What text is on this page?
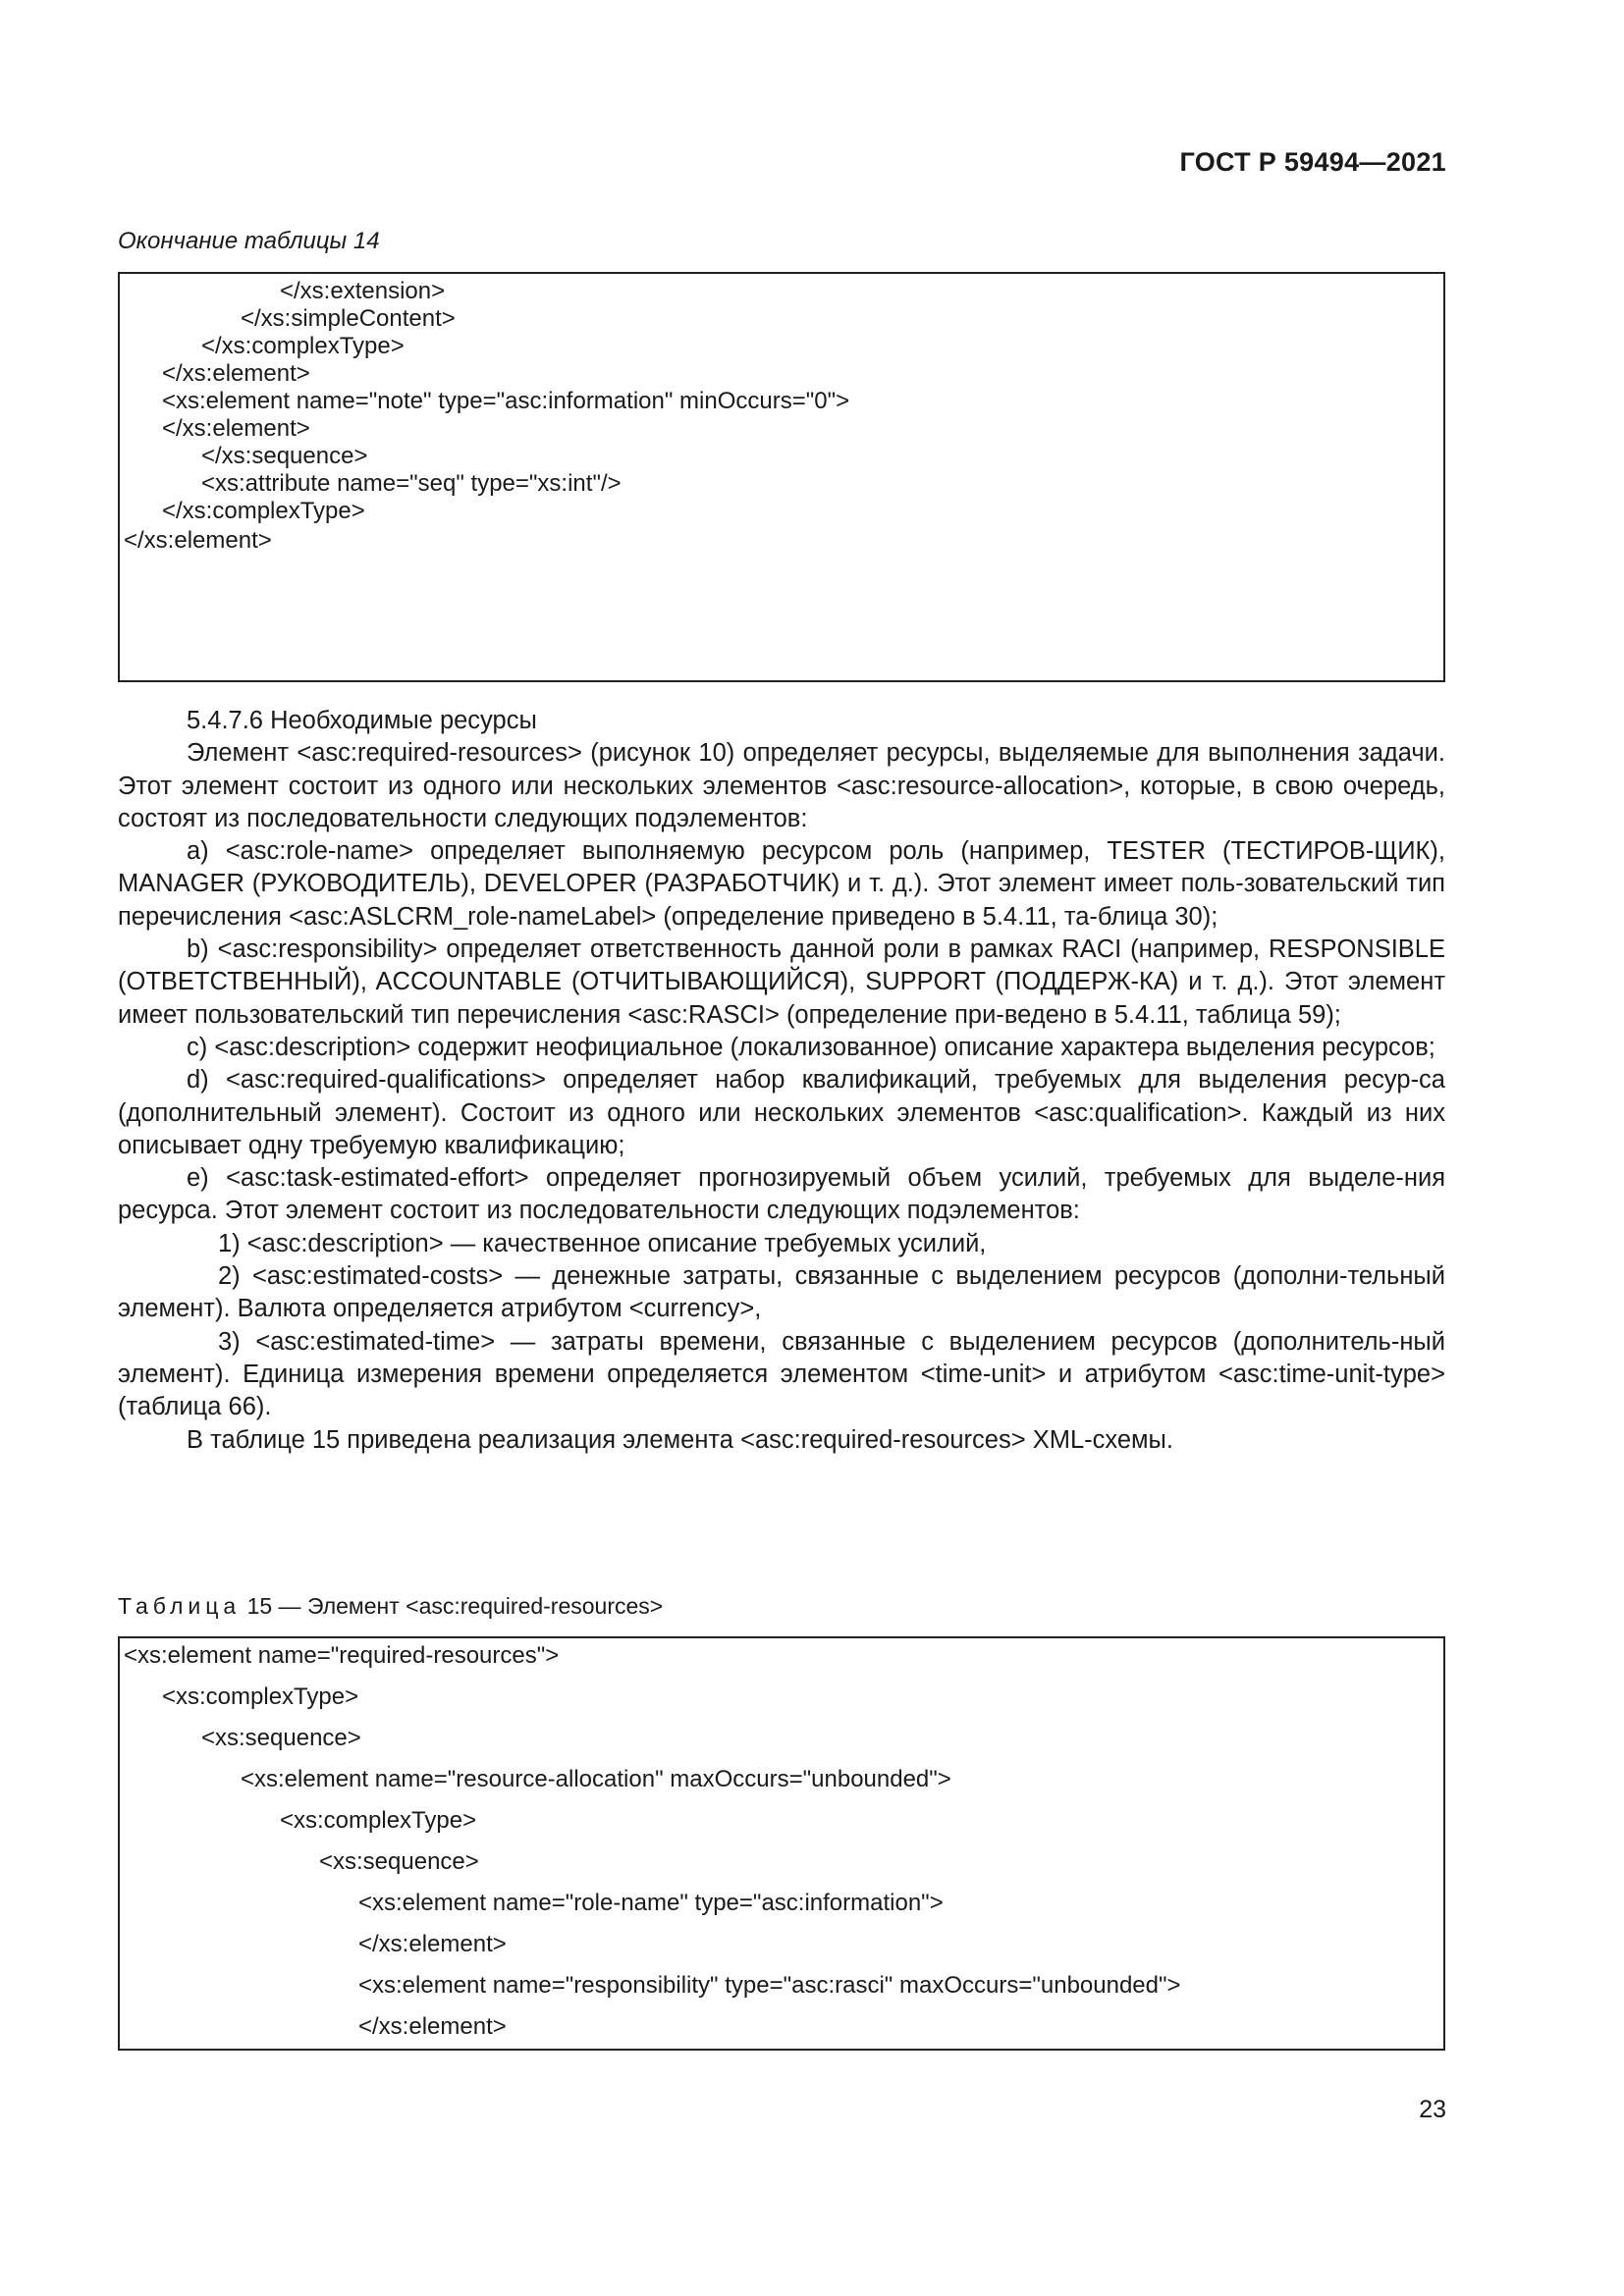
ГОСТ Р 59494—2021
Окончание таблицы 14
</xs:extension>
</xs:simpleContent>
</xs:complexType>
</xs:element>
<xs:element name="note" type="asc:information" minOccurs="0">
</xs:element>
</xs:sequence>
<xs:attribute name="seq" type="xs:int"/>
</xs:complexType>
</xs:element>

5.4.7.6 Необходимые ресурсы

Элемент <asc:required-resources> (рисунок 10) определяет ресурсы, выделяемые для выполнения задачи. Этот элемент состоит из одного или нескольких элементов <asc:resource-allocation>, которые, в свою очередь, состоят из последовательности следующих подэлементов:

a) <asc:role-name> определяет выполняемую ресурсом роль (например, TESTER (ТЕСТИРОВ-ЩИК), MANAGER (РУКОВОДИТЕЛЬ), DEVELOPER (РАЗРАБОТЧИК) и т. д.). Этот элемент имеет поль-зовательский тип перечисления <asc:ASLCRM_role-nameLabel> (определение приведено в 5.4.11, та-блица 30);

b) <asc:responsibility> определяет ответственность данной роли в рамках RACI (например, RESPONSIBLE (ОТВЕТСТВЕННЫЙ), ACCOUNTABLE (ОТЧИТЫВАЮЩИЙСЯ), SUPPORT (ПОДДЕРЖ-КА) и т. д.). Этот элемент имеет пользовательский тип перечисления <asc:RASCI> (определение при-ведено в 5.4.11, таблица 59);

c) <asc:description> содержит неофициальное (локализованное) описание характера выделения ресурсов;

d) <asc:required-qualifications> определяет набор квалификаций, требуемых для выделения ресур-са (дополнительный элемент). Состоит из одного или нескольких элементов <asc:qualification>. Каждый из них описывает одну требуемую квалификацию;

e) <asc:task-estimated-effort> определяет прогнозируемый объем усилий, требуемых для выделе-ния ресурса. Этот элемент состоит из последовательности следующих подэлементов:

1) <asc:description> — качественное описание требуемых усилий,

2) <asc:estimated-costs> — денежные затраты, связанные с выделением ресурсов (дополни-тельный элемент). Валюта определяется атрибутом <currency>,

3) <asc:estimated-time> — затраты времени, связанные с выделением ресурсов (дополнитель-ный элемент). Единица измерения времени определяется элементом <time-unit> и атрибутом <asc:time-unit-type> (таблица 66).

В таблице 15 приведена реализация элемента <asc:required-resources> XML-схемы.

Таблица 15 — Элемент <asc:required-resources>
<xs:element name="required-resources">
<xs:complexType>
<xs:sequence>
<xs:element name="resource-allocation" maxOccurs="unbounded">
<xs:complexType>
<xs:sequence>
<xs:element name="role-name" type="asc:information">
</xs:element>
<xs:element name="responsibility" type="asc:rasci" maxOccurs="unbounded">
</xs:element>
23
